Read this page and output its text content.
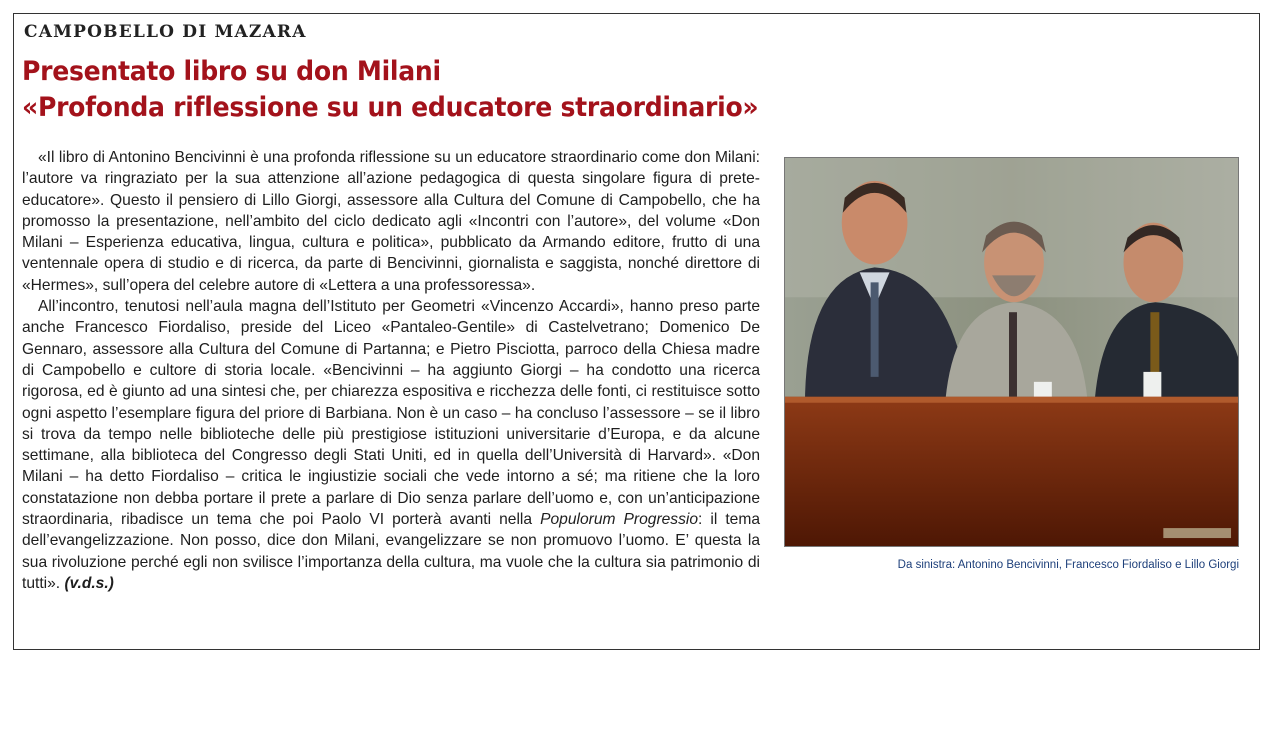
CAMPOBELLO DI MAZARA
Presentato libro su don Milani
«Profonda riflessione su un educatore straordinario»
Da sinistra: Antonino Bencivinni, Francesco Fiordaliso e Lillo Giorgi

«Il libro di Antonino Bencivinni è una profonda riflessione su un educatore straordinario come don Milani: l’autore va ringraziato per la sua attenzione all’azione pedagogica di questa singolare figura di prete-educatore». Questo il pensiero di Lillo Giorgi, assessore alla Cultura del Comune di Campobello, che ha promosso la presentazione, nell’ambito del ciclo dedicato agli «Incontri con l’autore», del volume «Don Milani – Esperienza educativa, lingua, cultura e politica», pubblicato da Armando editore, frutto di una ventennale opera di studio e di ricerca, da parte di Bencivinni, giornalista e saggista, nonché direttore di «Hermes», sull’opera del celebre autore di «Lettera a una professoressa».

All’incontro, tenutosi nell’aula magna dell’Istituto per Geometri «Vincenzo Accardi», hanno preso parte anche Francesco Fiordaliso, preside del Liceo «Pantaleo-Gentile» di Castelvetrano; Domenico De Gennaro, assessore alla Cultura del Comune di Partanna; e Pietro Pisciotta, parroco della Chiesa madre di Campobello e cultore di storia locale. «Bencivinni – ha aggiunto Giorgi – ha condotto una ricerca rigorosa, ed è giunto ad una sintesi che, per chiarezza espositiva e ricchezza delle fonti, ci restituisce sotto ogni aspetto l’esemplare figura del priore di Barbiana. Non è un caso – ha concluso l’assessore – se il libro si trova da tempo nelle biblioteche delle più prestigiose istituzioni universitarie d’Europa, e da alcune settimane, alla biblioteca del Congresso degli Stati Uniti, ed in quella dell’Università di Harvard». «Don Milani – ha detto Fiordaliso – critica le ingiustizie sociali che vede intorno a sé; ma ritiene che la loro constatazione non debba portare il prete a parlare di Dio senza parlare dell’uomo e, con un’anticipazione straordinaria, ribadisce un tema che poi Paolo VI porterà avanti nella Populorum Progressio: il tema dell’evangelizzazione. Non posso, dice don Milani, evangelizzare se non promuovo l’uomo. E’ questa la sua rivoluzione perché egli non svilisce l’importanza della cultura, ma vuole che la cultura sia patrimonio di tutti». (v.d.s.)
